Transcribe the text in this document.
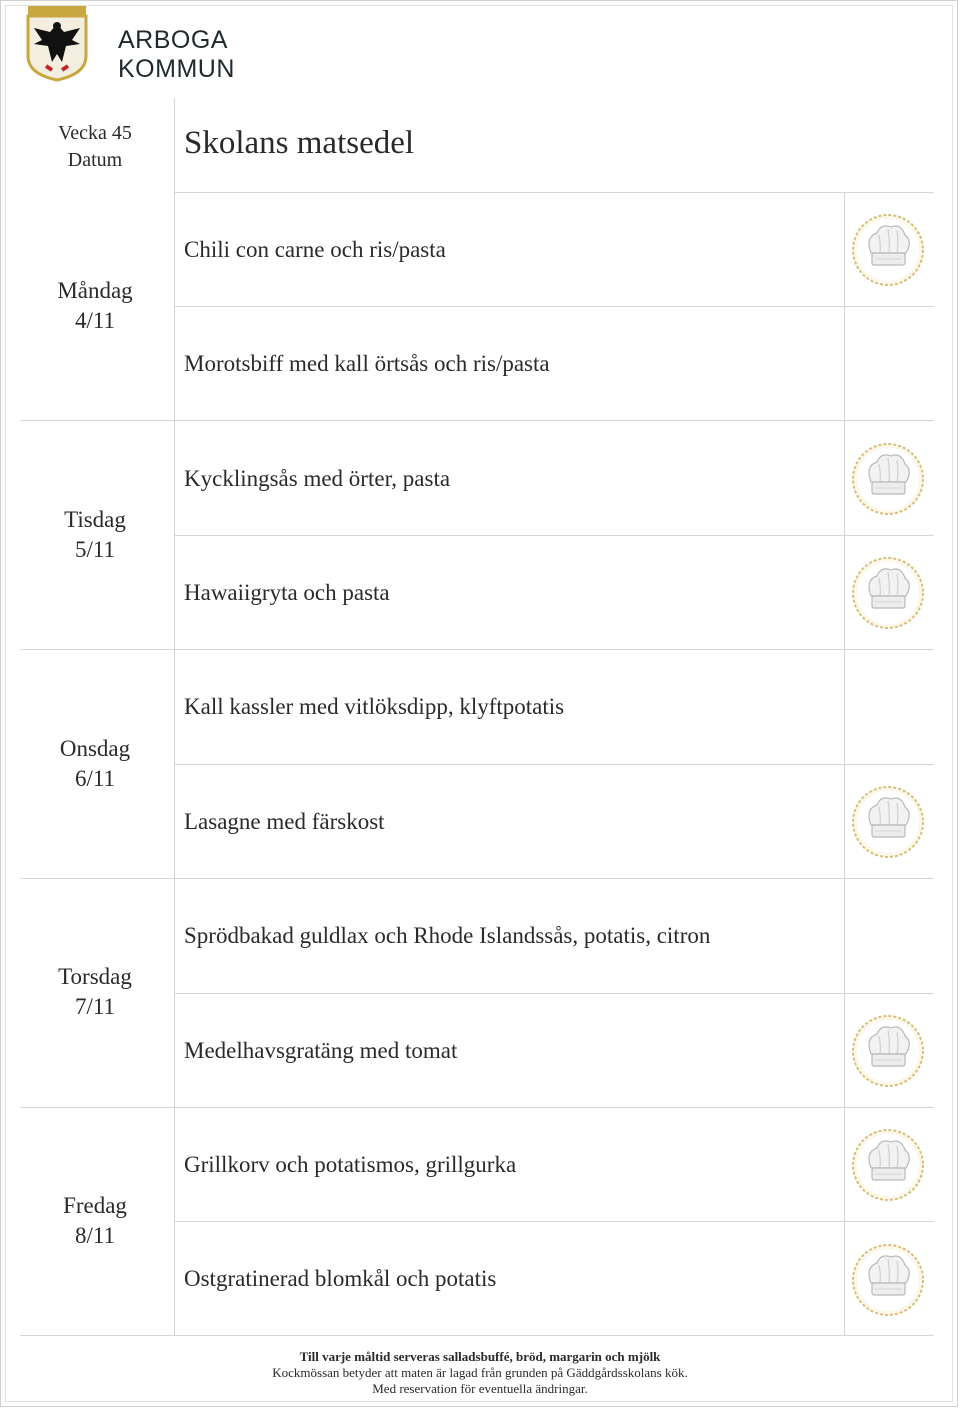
ARBOGA KOMMUN
Vecka 45
Datum	Skolans matsedel
Måndag
4/11
Tisdag
5/11
Onsdag
6/11
Torsdag
7/11
Fredag
8/11
Chili con carne och ris/pasta
Morotsbiff med kall örtsås och ris/pasta
Kycklingsås med örter, pasta
Hawaiigryta och pasta
Kall kassler med vitlöksdipp, klyftpotatis
Lasagne med färskost
Sprödbakad guldlax och Rhode Islandssås, potatis, citron
Medelhavsgratäng med tomat
Grillkorv och potatismos, grillgurka
Ostgratinerad blomkål och potatis
Till varje måltid serveras salladsbuffé, bröd, margarin och mjölk
Kockmössan betyder att maten är lagad från grunden på Gäddgårdsskolans kök.
Med reservation för eventuella ändringar.
